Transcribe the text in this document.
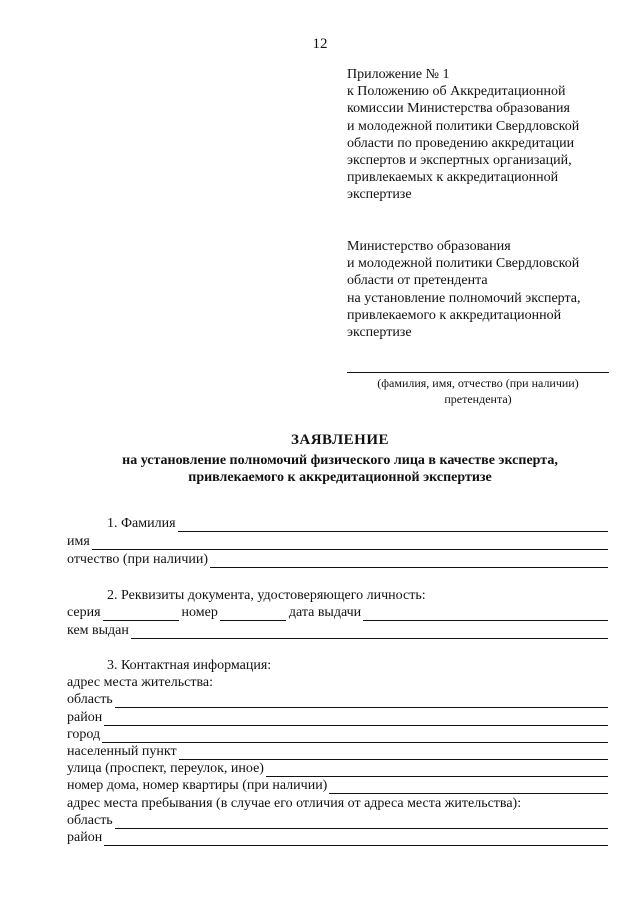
12
Приложение № 1
к Положению об Аккредитационной
комиссии Министерства образования
и молодежной политики Свердловской
области по проведению аккредитации
экспертов и экспертных организаций,
привлекаемых к аккредитационной
экспертизе
Министерство образования
и молодежной политики Свердловской
области от претендента
на установление полномочий эксперта,
привлекаемого к аккредитационной
экспертизе
(фамилия, имя, отчество (при наличии)
претендента)
ЗАЯВЛЕНИЕ
на установление полномочий физического лица в качестве эксперта,
привлекаемого к аккредитационной экспертизе
1. Фамилия
имя
отчество (при наличии)
2. Реквизиты документа, удостоверяющего личность:
серия	номер	дата выдачи
кем выдан
3. Контактная информация:
адрес места жительства:
область
район
город
населенный пункт
улица (проспект, переулок, иное)
номер дома, номер квартиры (при наличии)
адрес места пребывания (в случае его отличия от адреса места жительства):
область
район
